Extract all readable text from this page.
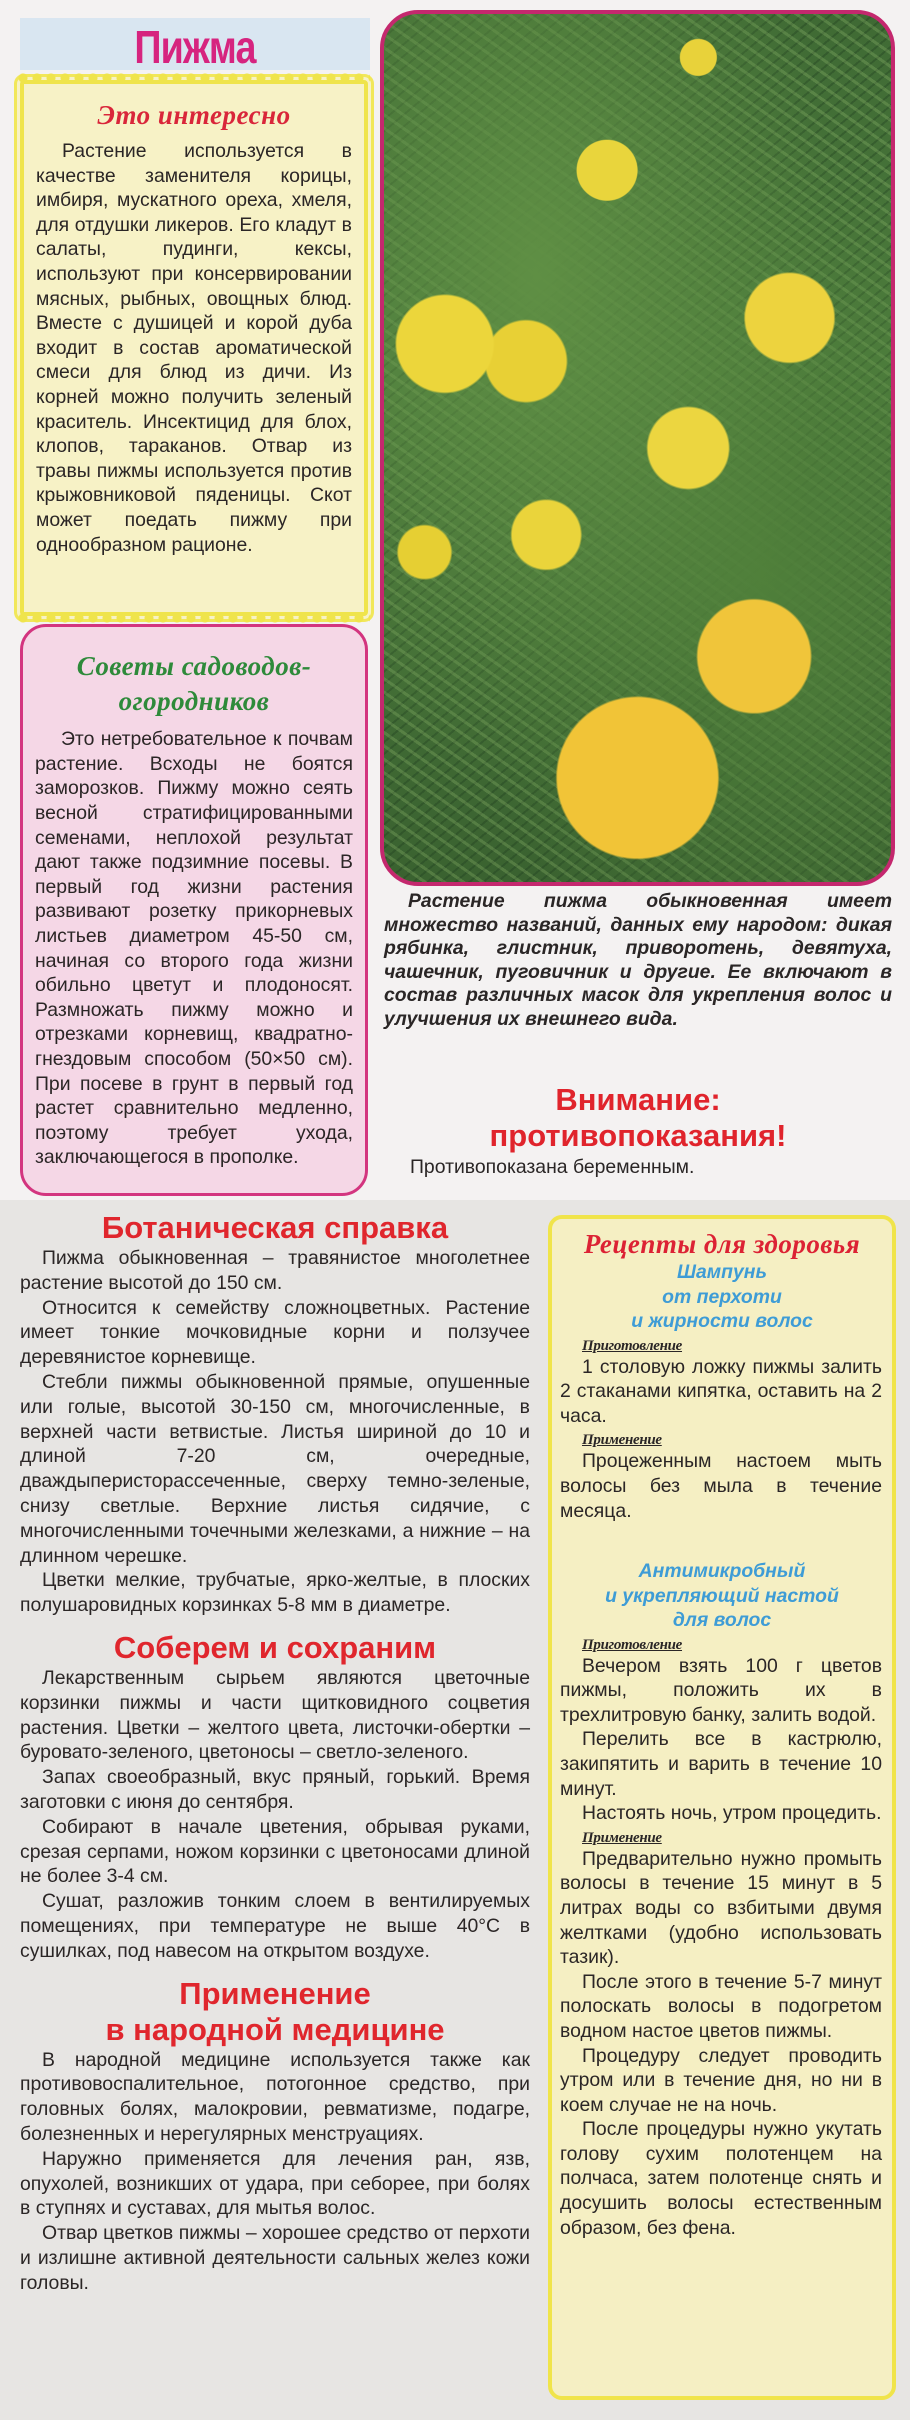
Пижма
Это интересно

Растение используется в качестве заменителя корицы, имбиря, мускатного ореха, хмеля, для отдушки ликеров. Его кладут в салаты, пудинги, кексы, используют при консервировании мясных, рыбных, овощных блюд. Вместе с душицей и корой дуба входит в состав ароматической смеси для блюд из дичи. Из корней можно получить зеленый краситель. Инсектицид для блох, клопов, тараканов. Отвар из травы пижмы используется против крыжовниковой пяденицы. Скот может поедать пижму при однообразном рационе.

Советы садоводов-
огородников

Это нетребовательное к почвам растение. Всходы не боятся заморозков. Пижму можно сеять весной стратифицированными семенами, неплохой результат дают также подзимние посевы. В первый год жизни растения развивают розетку прикорневых листьев диаметром 45-50 см, начиная со второго года жизни обильно цветут и плодоносят. Размножать пижму можно и отрезками корневищ, квадратно-гнездовым способом (50×50 см). При посеве в грунт в первый год растет сравнительно медленно, поэтому требует ухода, заключающегося в прополке.

Растение пижма обыкновенная имеет множество названий, данных ему народом: дикая рябинка, глистник, приворотень, девятуха, чашечник, пуговичник и другие. Ее включают в состав различных масок для укрепления волос и улучшения их внешнего вида.

Внимание:
противопоказания!
Противопоказана беременным.
Ботаническая справка

Пижма обыкновенная – травянистое многолетнее растение высотой до 150 см.

Относится к семейству сложноцветных. Растение имеет тонкие мочковидные корни и ползучее деревянистое корневище.

Стебли пижмы обыкновенной прямые, опушенные или голые, высотой 30-150 см, многочисленные, в верхней части ветвистые. Листья шириной до 10 и длиной 7-20 см, очередные, дваждыперисторассеченные, сверху темно-зеленые, снизу светлые. Верхние листья сидячие, с многочисленными точечными железками, а нижние – на длинном черешке.

Цветки мелкие, трубчатые, ярко-желтые, в плоских полушаровидных корзинках 5-8 мм в диаметре.

Соберем и сохраним

Лекарственным сырьем являются цветочные корзинки пижмы и части щитковидного соцветия растения. Цветки – желтого цвета, листочки-обертки – буровато-зеленого, цветоносы – светло-зеленого.

Запах своеобразный, вкус пряный, горький. Время заготовки с июня до сентября.

Собирают в начале цветения, обрывая руками, срезая серпами, ножом корзинки с цветоносами длиной не более 3-4 см.

Сушат, разложив тонким слоем в вентилируемых помещениях, при температуре не выше 40°С в сушилках, под навесом на открытом воздухе.

Применение
в народной медицине

В народной медицине используется также как противовоспалительное, потогонное средство, при головных болях, малокровии, ревматизме, подагре, болезненных и нерегулярных менструациях.

Наружно применяется для лечения ран, язв, опухолей, возникших от удара, при себорее, при болях в ступнях и суставах, для мытья волос.

Отвар цветков пижмы – хорошее средство от перхоти и излишне активной деятельности сальных желез кожи головы.

Рецепты для здоровья
Шампунь
от перхоти
и жирности волос
Приготовление

1 столовую ложку пижмы залить 2 стаканами кипятка, оставить на 2 часа.

Применение

Процеженным настоем мыть волосы без мыла в течение месяца.

Антимикробный
и укрепляющий настой
для волос
Приготовление

Вечером взять 100 г цветов пижмы, положить их в трехлитровую банку, залить водой.

Перелить все в кастрюлю, закипятить и варить в течение 10 минут.

Настоять ночь, утром процедить.

Применение

Предварительно нужно промыть волосы в течение 15 минут в 5 литрах воды со взбитыми двумя желтками (удобно использовать тазик).

После этого в течение 5-7 минут полоскать волосы в подогретом водном настое цветов пижмы.

Процедуру следует проводить утром или в течение дня, но ни в коем случае не на ночь.

После процедуры нужно укутать голову сухим полотенцем на полчаса, затем полотенце снять и досушить волосы естественным образом, без фена.
